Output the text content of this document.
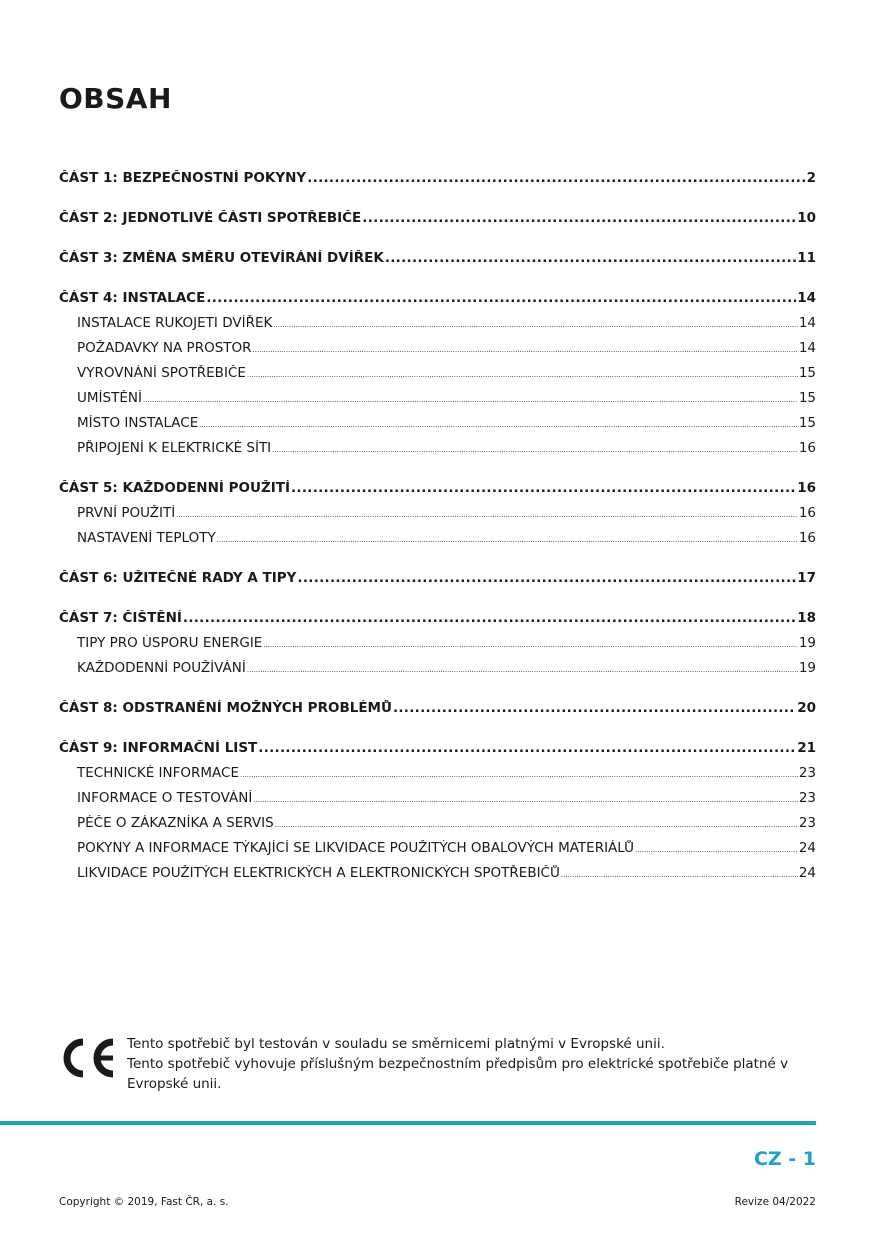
OBSAH
ČÁST 1: BEZPEČNOSTNÍ POKYNY .....	2
ČÁST 2: JEDNOTLIVÉ ČÁSTI SPOTŘEBIČE .....	10
ČÁST 3: ZMĚNA SMĚRU OTEVÍRÁNÍ DVÍŘEK .....	11
ČÁST 4: INSTALACE .....	14
INSTALACE RUKOJETI DVÍŘEK .....	14
POŽADAVKY NA PROSTOR .....	14
VYROVNÁNÍ SPOTŘEBIČE .....	15
UMÍSTĚNÍ .....	15
MÍSTO INSTALACE .....	15
PŘIPOJENÍ K ELEKTRICKÉ SÍTI .....	16
ČÁST 5: KAŽDODENNÍ POUŽITÍ .....	16
PRVNÍ POUŽITÍ .....	16
NASTAVENÍ TEPLOTY .....	16
ČÁST 6: UŽITEČNÉ RADY A TIPY .....	17
ČÁST 7: ČIŠTĚNÍ .....	18
TIPY PRO ÚSPORU ENERGIE .....	19
KAŽDODENNÍ POUŽÍVÁNÍ .....	19
ČÁST 8: ODSTRANĚNÍ MOŽNÝCH PROBLÉMŮ .....	20
ČÁST 9: INFORMAČNÍ LIST .....	21
TECHNICKÉ INFORMACE .....	23
INFORMACE O TESTOVÁNÍ .....	23
PÉČE O ZÁKAZNÍKA A SERVIS .....	23
POKYNY A INFORMACE TÝKAJÍCÍ SE LIKVIDACE POUŽITÝCH OBALOVÝCH MATERIÁLŮ .....	24
LIKVIDACE POUŽITÝCH ELEKTRICKÝCH A ELEKTRONICKÝCH SPOTŘEBIČŮ .....	24

Tento spotřebič byl testován v souladu se směrnicemi platnými v Evropské unii.

Tento spotřebič vyhovuje příslušným bezpečnostním předpisům pro elektrické spotřebiče platné v

Evropské unii.

CZ - 1

Copyright © 2019, Fast ČR, a. s.	Revize 04/2022
